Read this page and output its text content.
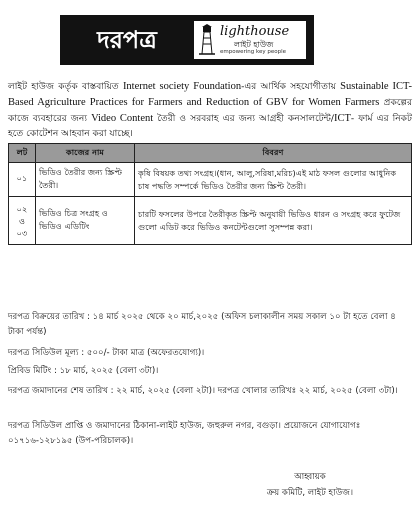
দরপত্র	lighthouse
লাইট হাউজ
empowering key people
লাইট হাউজ কর্তৃক বাস্তবায়িত Internet society Foundation-এর আর্থিক সহযোগীতায় Sustainable ICT-Based Agriculture Practices for Farmers and Reduction of GBV for Women Farmers প্রকল্পের কাজে ব্যবহারের জন্য Video Content তৈরী ও সরবরাহ এর জন্য আগ্রহী কনসালটেন্ট/ICT- ফার্ম এর নিকট হতে কোটেশন আহবান করা যাচ্ছে।
লট	কাজের নাম	বিবরণ
০১	ভিডিও তৈরীর জন্য স্ক্রিপ্ট তৈরী।	কৃষি বিষয়ক তথ্য সংগ্রহ।(ধান, আলু,সরিষা,মরিচ)এই মাঠ ফসল গুলোর আধুনিক চাষ পদ্ধতি সম্পর্কে ভিডিও তৈরীর জন্য স্ক্রিপ্ট তৈরী।

০২
ও
০৩	ভিডিও চিত্র সংগ্রহ ও ভিডিও এডিটিং	চারটি ফসলের উপরে তৈরীকৃত স্ক্রিপ্ট অনুযায়ী ভিডিও ধারন ও সংগ্রহ করে ফুটেজ গুলো এডিট করে ভিডিও কনটেন্টগুলো সুসম্পন্ন করা।
দরপত্র বিক্রয়ের তারিখ : ১৪ মার্চ ২০২৫ থেকে ২০ মার্চ,২০২৫ (অফিস চলাকালীন সময় সকাল ১০ টা হতে বেলা ৪ টাকা পর্যন্ত)
দরপত্র সিডিউল মূল্য : ৫০০/- টাকা মাত্র (অফেরতযোগ্য)।
প্রিবিড মিটিং : ১৮ মার্চ, ২০২৫ (বেলা ৩টা)।
দরপত্র জমাদানের শেষ তারিখ : ২২ মার্চ, ২০২৫ (বেলা ২টা)। দরপত্র খোলার তারিখঃ ২২ মার্চ, ২০২৫ (বেলা ৩টা)।
দরপত্র সিডিউল প্রাপ্তি ও জমাদানের ঠিকানা-লাইট হাউজ, জহুরুল নগর, বগুড়া। প্রয়োজনে যোগাযোগঃ ০১৭১৬-১২৮১৯৫ (উপ-পরিচালক)।
আহ্বায়ক
ক্রয় কমিটি, লাইট হাউজ।
